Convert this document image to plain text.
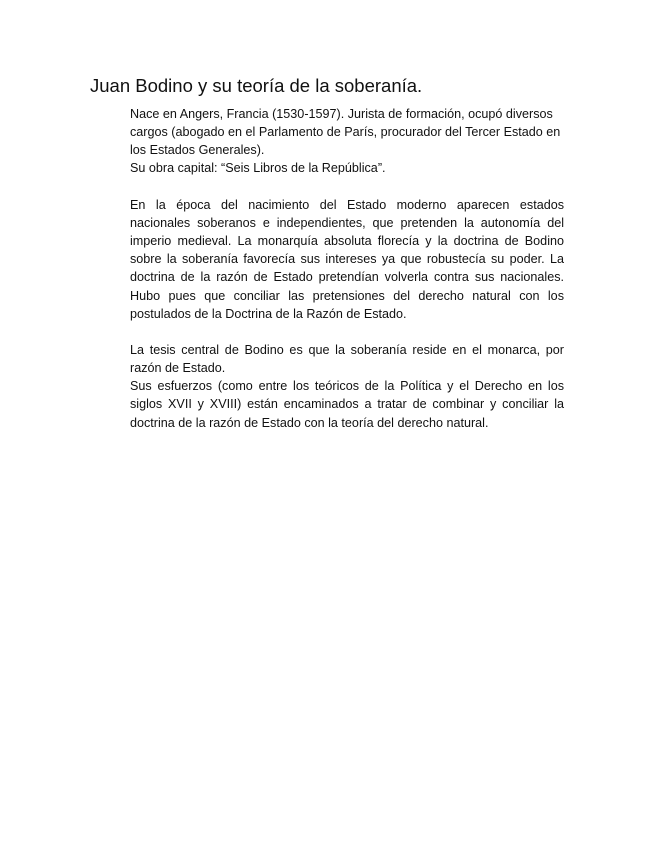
Juan Bodino y su teoría de la soberanía.

Nace en Angers, Francia (1530-1597). Jurista de formación, ocupó diversos cargos (abogado en el Parlamento de París, procurador del Tercer Estado en los Estados Generales).

Su obra capital: “Seis Libros de la República”.

En la época del nacimiento del Estado moderno aparecen estados nacionales soberanos e independientes, que pretenden la autonomía del imperio medieval. La monarquía absoluta florecía y la doctrina de Bodino sobre la soberanía favorecía sus intereses ya que robustecía su poder. La doctrina de la razón de Estado pretendían volverla contra sus nacionales. Hubo pues que conciliar las pretensiones del derecho natural con los postulados de la Doctrina de la Razón de Estado.

La tesis central de Bodino es que la soberanía reside en el monarca, por razón de Estado.

Sus esfuerzos (como entre los teóricos de la Política y el Derecho en los siglos XVII y XVIII) están encaminados a tratar de combinar y conciliar la doctrina de la razón de Estado con la teoría del derecho natural.
